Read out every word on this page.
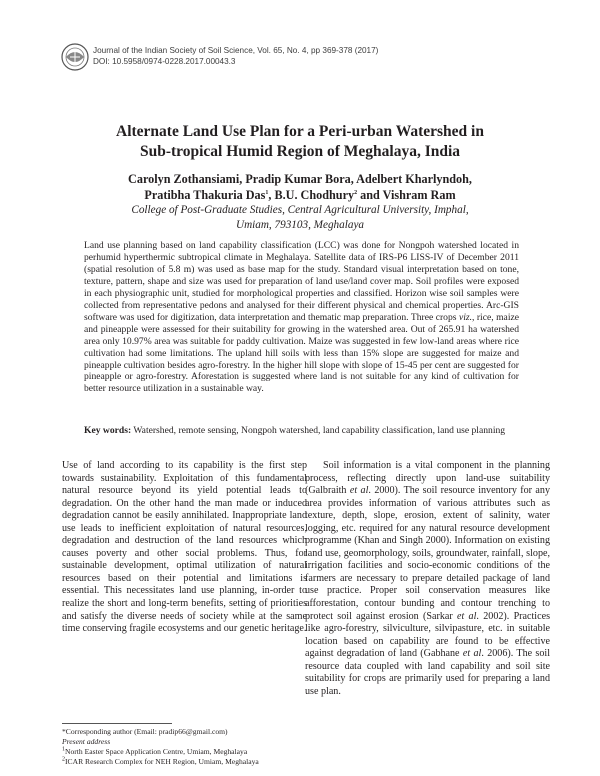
Journal of the Indian Society of Soil Science, Vol. 65, No. 4, pp 369-378 (2017)
DOI: 10.5958/0974-0228.2017.00043.3
Alternate Land Use Plan for a Peri-urban Watershed in
Sub-tropical Humid Region of Meghalaya, India
Carolyn Zothansiami, Pradip Kumar Bora, Adelbert Kharlyndoh,
Pratibha Thakuria Das$^1$, B.U. Chodhury$^2$ and Vishram Ram
College of Post-Graduate Studies, Central Agricultural University, Imphal,
Umiam, 793103, Meghalaya
Land use planning based on land capability classification (LCC) was done for Nongpoh watershed located in perhumid hyperthermic subtropical climate in Meghalaya. Satellite data of IRS-P6 LISS-IV of December 2011 (spatial resolution of 5.8 m) was used as base map for the study. Standard visual interpretation based on tone, texture, pattern, shape and size was used for preparation of land use/land cover map. Soil profiles were exposed in each physiographic unit, studied for morphological properties and classified. Horizon wise soil samples were collected from representative pedons and analysed for their different physical and chemical properties. Arc-GIS software was used for digitization, data interpretation and thematic map preparation. Three crops viz., rice, maize and pineapple were assessed for their suitability for growing in the watershed area. Out of 265.91 ha watershed area only 10.97% area was suitable for paddy cultivation. Maize was suggested in few low-land areas where rice cultivation had some limitations. The upland hill soils with less than 15% slope are suggested for maize and pineapple cultivation besides agro-forestry. In the higher hill slope with slope of 15-45 per cent are suggested for pineapple or agro-forestry. Aforestation is suggested where land is not suitable for any kind of cultivation for better resource utilization in a sustainable way.
Key words: Watershed, remote sensing, Nongpoh watershed, land capability classification, land use planning

Use of land according to its capability is the first step towards sustainability. Exploitation of this fundamental natural resource beyond its yield potential leads to degradation. On the other hand the man made or induced degradation cannot be easily annihilated. Inappropriate land use leads to inefficient exploitation of natural resources, degradation and destruction of the land resources which causes poverty and other social problems. Thus, for sustainable development, optimal utilization of natural resources based on their potential and limitations is essential. This necessitates land use planning, in-order to realize the short and long-term benefits, setting of priorities and satisfy the diverse needs of society while at the same time conserving fragile ecosystems and our genetic heritage.

Soil information is a vital component in the planning process, reflecting directly upon land-use suitability (Galbraith et al. 2000). The soil resource inventory for any area provides information of various attributes such as texture, depth, slope, erosion, extent of salinity, water logging, etc. required for any natural resource development programme (Khan and Singh 2000). Information on existing land use, geomorphology, soils, groundwater, rainfall, slope, irrigation facilities and socio-economic conditions of the farmers are necessary to prepare detailed package of land use practice. Proper soil conservation measures like afforestation, contour bunding and contour trenching to protect soil against erosion (Sarkar et al. 2002). Practices like agro-forestry, silviculture, silvipasture, etc. in suitable location based on capability are found to be effective against degradation of land (Gabhane et al. 2006). The soil resource data coupled with land capability and soil site suitability for crops are primarily used for preparing a land use plan.

*Corresponding author (Email: pradip66@gmail.com)
Present address
$^1$North Easter Space Application Centre, Umiam, Meghalaya
$^2$ICAR Research Complex for NEH Region, Umiam, Meghalaya
